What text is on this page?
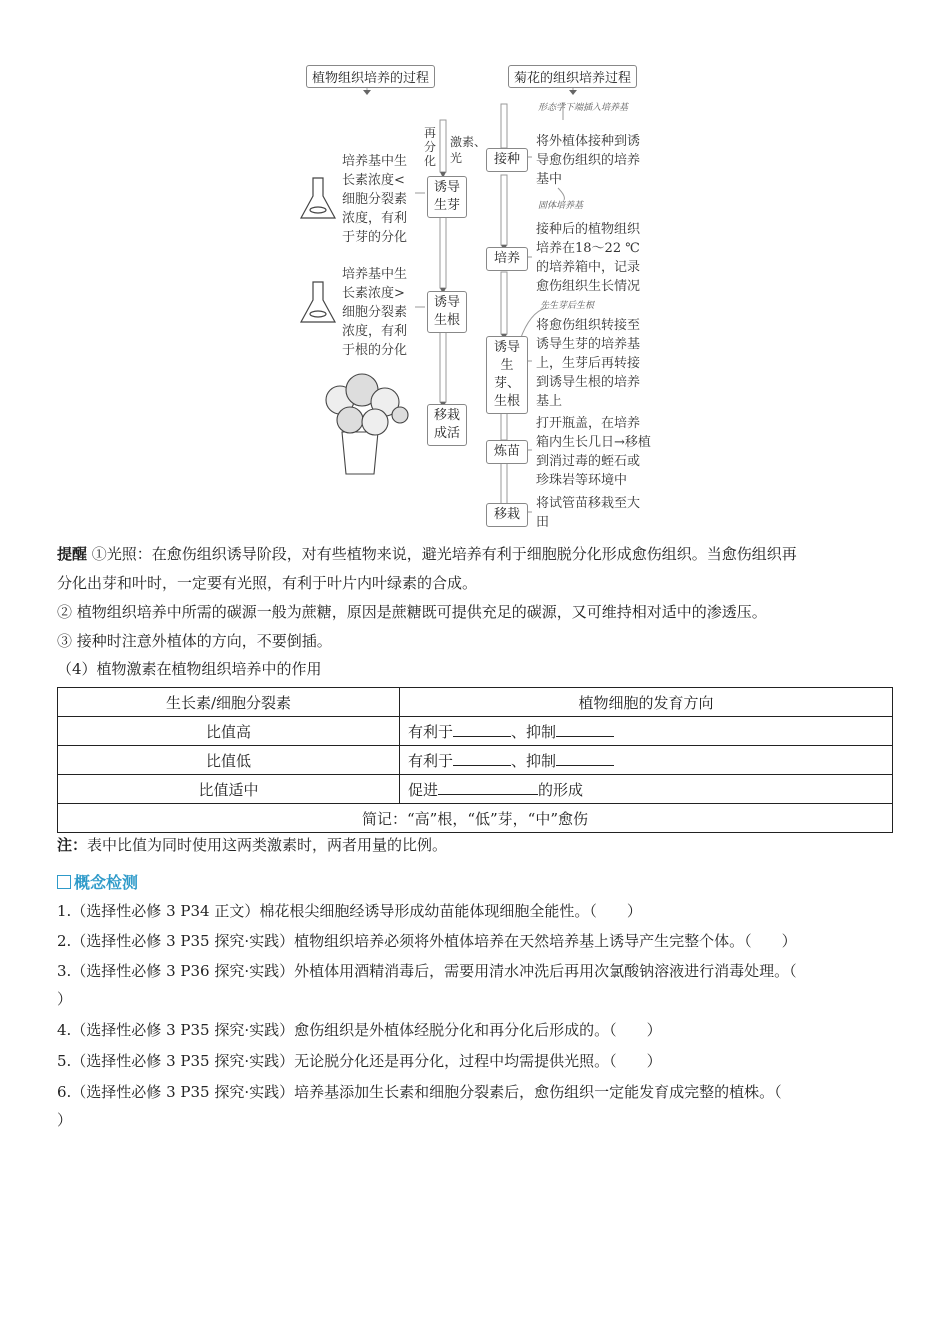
植物组织培养的过程	菊花的组织培养过程
再分化
激素、光
培养基中生长素浓度<细胞分裂素浓度，有利于芽的分化
诱导生芽
培养基中生长素浓度>细胞分裂素浓度，有利于根的分化
诱导生根
移栽成活
形态学下端插入培养基
将外植体接种到诱导愈伤组织的培养基中
接种
固体培养基
接种后的植物组织培养在18～22 ℃的培养箱中，记录愈伤组织生长情况
培养
先生芽后生根
将愈伤组织转接至诱导生芽的培养基上，生芽后再转接到诱导生根的培养基上
诱导生芽、生根
打开瓶盖，在培养箱内生长几日→移植到消过毒的蛭石或珍珠岩等环境中
炼苗
将试管苗移栽至大田
移栽
提醒 ①光照：在愈伤组织诱导阶段，对有些植物来说，避光培养有利于细胞脱分化形成愈伤组织。当愈伤组织再
分化出芽和叶时，一定要有光照，有利于叶片内叶绿素的合成。
② 植物组织培养中所需的碳源一般为蔗糖，原因是蔗糖既可提供充足的碳源，又可维持相对适中的渗透压。
③ 接种时注意外植体的方向，不要倒插。
（4）植物激素在植物组织培养中的作用
生长素/细胞分裂素	植物细胞的发育方向
比值高	有利于 、抑制
比值低	有利于 、抑制
比值适中	促进 的形成
简记：“高”根，“低”芽，“中”愈伤	
注：表中比值为同时使用这两类激素时，两者用量的比例。
概念检测
1.（选择性必修 3 P34 正文）棉花根尖细胞经诱导形成幼苗能体现细胞全能性。（　　）
2.（选择性必修 3 P35 探究·实践）植物组织培养必须将外植体培养在天然培养基上诱导产生完整个体。（　　）
3.（选择性必修 3 P36 探究·实践）外植体用酒精消毒后，需要用清水冲洗后再用次氯酸钠溶液进行消毒处理。（
）
4.（选择性必修 3 P35 探究·实践）愈伤组织是外植体经脱分化和再分化后形成的。（　　）
5.（选择性必修 3 P35 探究·实践）无论脱分化还是再分化，过程中均需提供光照。（　　）
6.（选择性必修 3 P35 探究·实践）培养基添加生长素和细胞分裂素后，愈伤组织一定能发育成完整的植株。（
）
